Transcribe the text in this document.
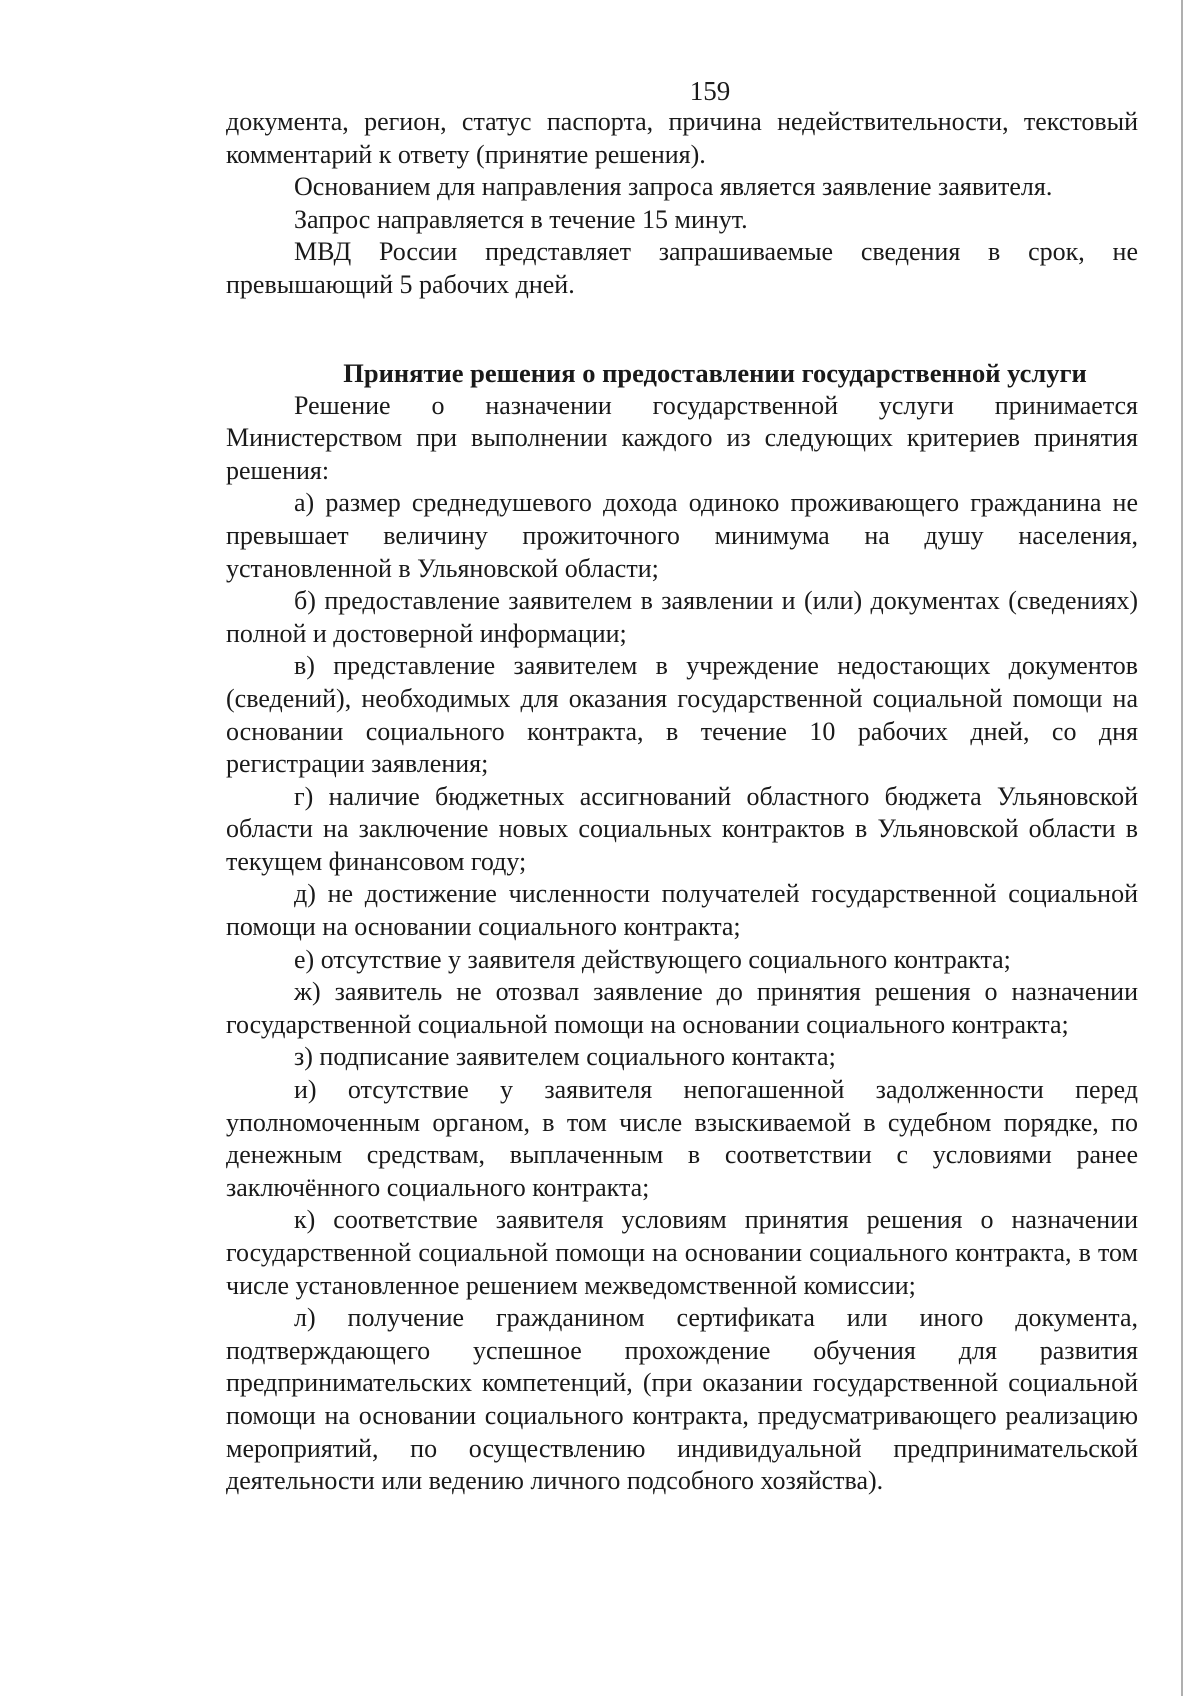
159

документа, регион, статус паспорта, причина недействительности, текстовый комментарий к ответу (принятие решения).

Основанием для направления запроса является заявление заявителя.

Запрос направляется в течение 15 минут.

МВД России представляет запрашиваемые сведения в срок, не превышающий 5 рабочих дней.

Принятие решения о предоставлении государственной услуги

Решение о назначении государственной услуги принимается Министерством при выполнении каждого из следующих критериев принятия решения:

а) размер среднедушевого дохода одиноко проживающего гражданина не превышает величину прожиточного минимума на душу населения, установленной в Ульяновской области;

б) предоставление заявителем в заявлении и (или) документах (сведениях) полной и достоверной информации;

в) представление заявителем в учреждение недостающих документов (сведений), необходимых для оказания государственной социальной помощи на основании социального контракта, в течение 10 рабочих дней, со дня регистрации заявления;

г) наличие бюджетных ассигнований областного бюджета Ульяновской области на заключение новых социальных контрактов в Ульяновской области в текущем финансовом году;

д) не достижение численности получателей государственной социальной помощи на основании социального контракта;

е) отсутствие у заявителя действующего социального контракта;

ж) заявитель не отозвал заявление до принятия решения о назначении государственной социальной помощи на основании социального контракта;

з) подписание заявителем социального контакта;

и) отсутствие у заявителя непогашенной задолженности перед уполномоченным органом, в том числе взыскиваемой в судебном порядке, по денежным средствам, выплаченным в соответствии с условиями ранее заключённого социального контракта;

к) соответствие заявителя условиям принятия решения о назначении государственной социальной помощи на основании социального контракта, в том числе установленное решением межведомственной комиссии;

л) получение гражданином сертификата или иного документа, подтверждающего успешное прохождение обучения для развития предпринимательских компетенций, (при оказании государственной социальной помощи на основании социального контракта, предусматривающего реализацию мероприятий, по осуществлению индивидуальной предпринимательской деятельности или ведению личного подсобного хозяйства).
